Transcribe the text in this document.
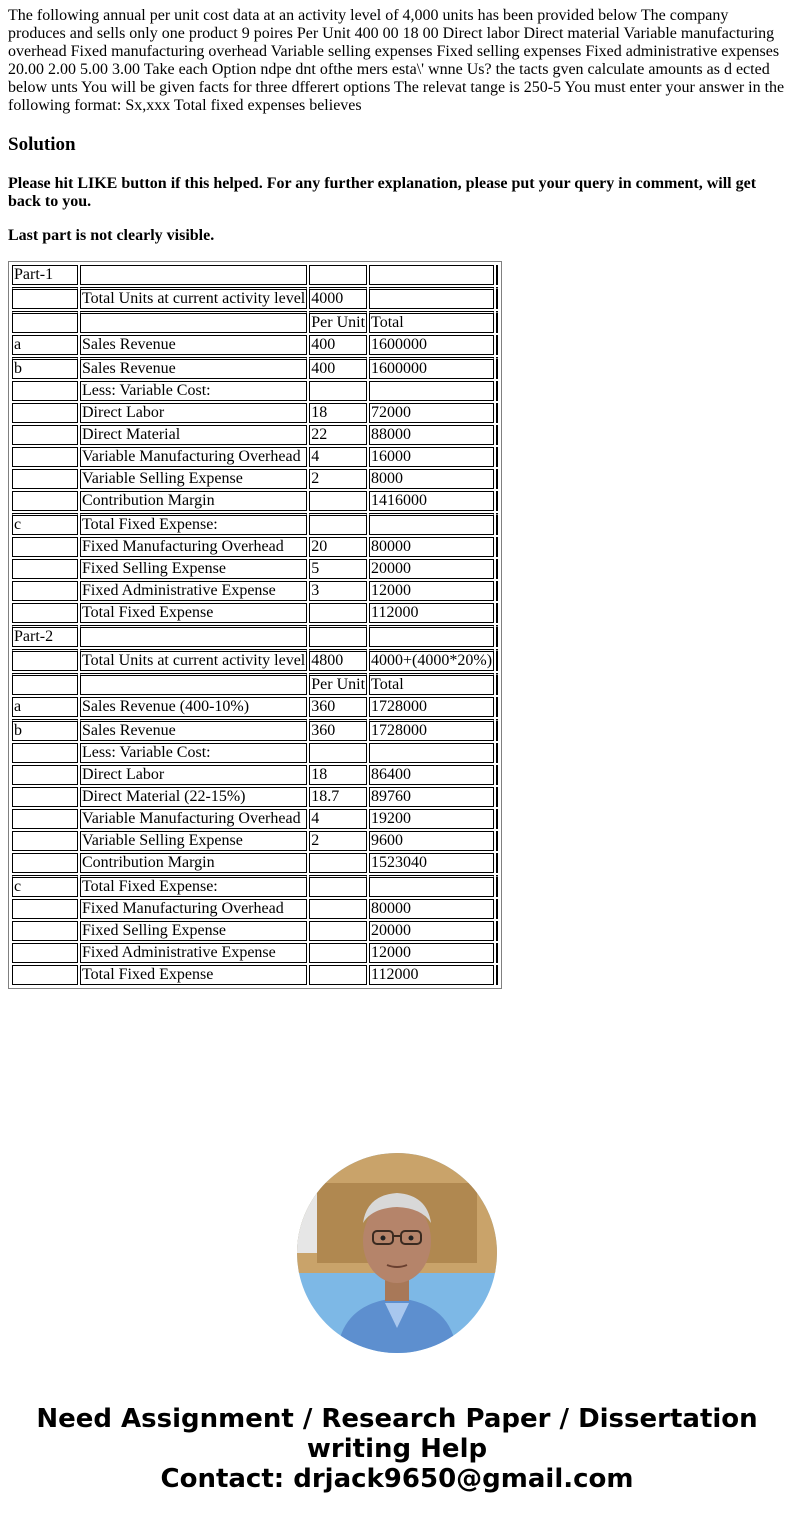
The following annual per unit cost data at an activity level of 4,000 units has been provided below The company produces and sells only one product 9 poires Per Unit 400 00 18 00 Direct labor Direct material Variable manufacturing overhead Fixed manufacturing overhead Variable selling expenses Fixed selling expenses Fixed administrative expenses 20.00 2.00 5.00 3.00 Take each Option ndpe dnt ofthe mers esta\' wnne Us? the tacts gven calculate amounts as d ected below unts You will be given facts for three dfferert options The relevat tange is 250-5 You must enter your answer in the following format: Sx,xxx Total fixed expenses believes

Solution

Please hit LIKE button if this helped. For any further explanation, please put your query in comment, will get back to you.

Last part is not clearly visible.

Part-1				
	Total Units at current activity level	4000		
		Per Unit	Total	
a	Sales Revenue	400	1600000	
b	Sales Revenue	400	1600000	
	Less: Variable Cost:			
	Direct Labor	18	72000	
	Direct Material	22	88000	
	Variable Manufacturing Overhead	4	16000	
	Variable Selling Expense	2	8000	
	Contribution Margin		1416000	
c	Total Fixed Expense:			
	Fixed Manufacturing Overhead	20	80000	
	Fixed Selling Expense	5	20000	
	Fixed Administrative Expense	3	12000	
	Total Fixed Expense		112000	
Part-2				
	Total Units at current activity level	4800	4000+(4000*20%)	
		Per Unit	Total	
a	Sales Revenue (400-10%)	360	1728000	
b	Sales Revenue	360	1728000	
	Less: Variable Cost:			
	Direct Labor	18	86400	
	Direct Material (22-15%)	18.7	89760	
	Variable Manufacturing Overhead	4	19200	
	Variable Selling Expense	2	9600	
	Contribution Margin		1523040	
c	Total Fixed Expense:			
	Fixed Manufacturing Overhead		80000	
	Fixed Selling Expense		20000	
	Fixed Administrative Expense		12000	
	Total Fixed Expense		112000	
Need Assignment / Research Paper / Dissertation
writing Help
Contact: drjack9650@gmail.com
